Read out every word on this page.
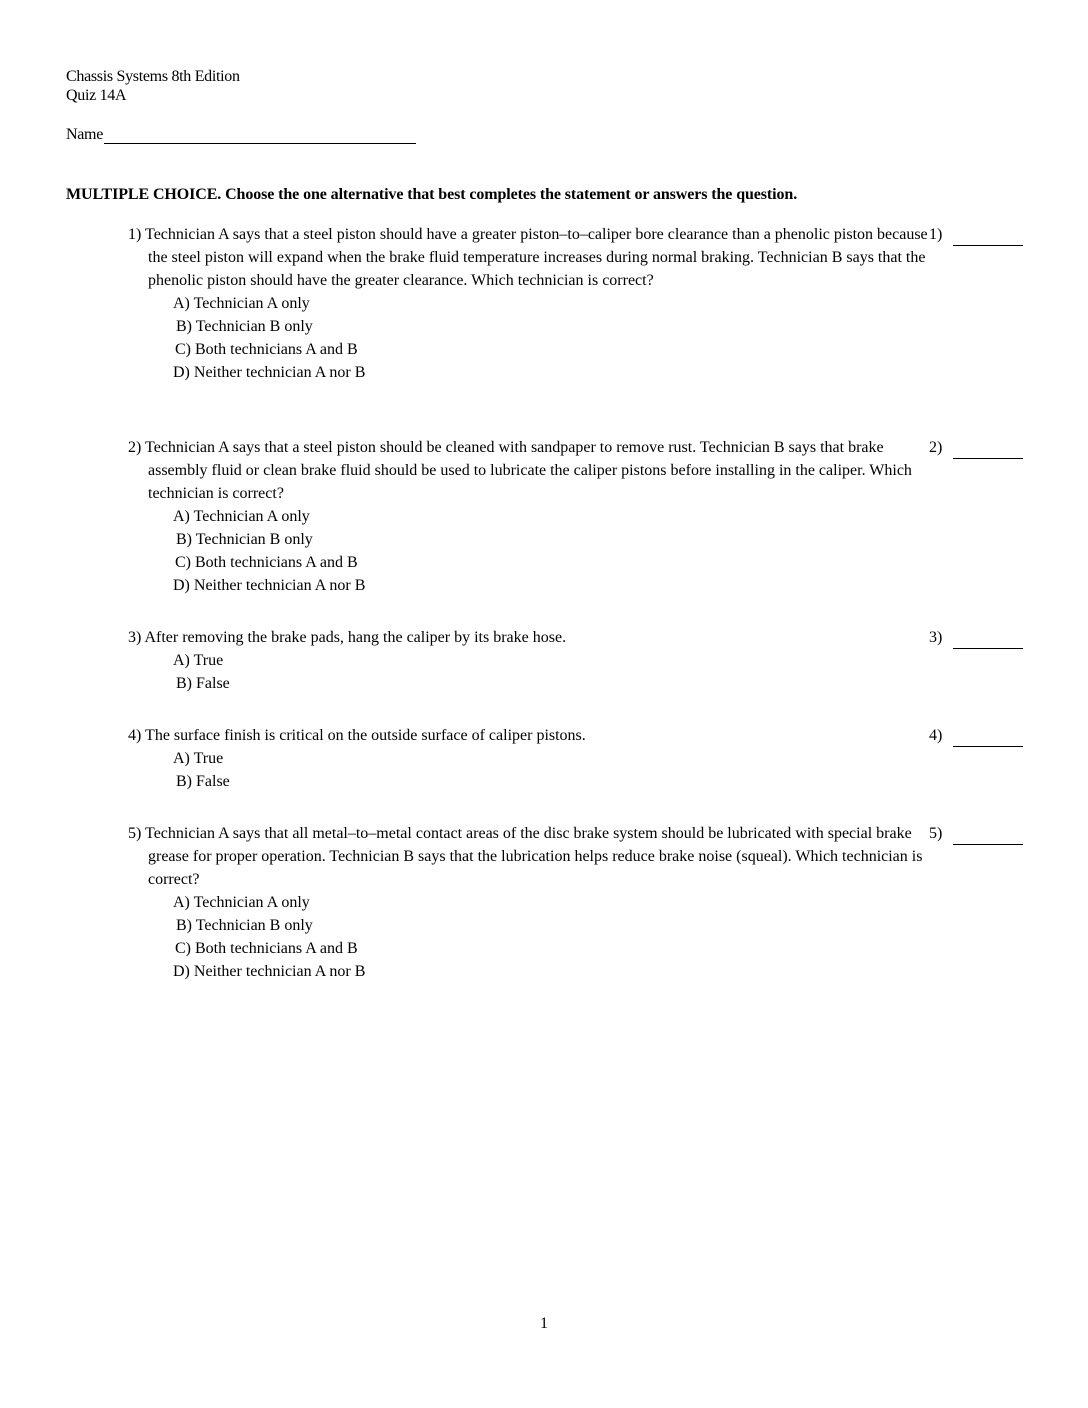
Chassis Systems 8th Edition
Quiz 14A
Name
MULTIPLE CHOICE. Choose the one alternative that best completes the statement or answers the question.
1) Technician A says that a steel piston should have a greater piston–to–caliper bore clearance than a phenolic piston because the steel piston will expand when the brake fluid temperature increases during normal braking. Technician B says that the phenolic piston should have the greater clearance. Which technician is correct?
A) Technician A only
B) Technician B only
C) Both technicians A and B
D) Neither technician A nor B
1)
2) Technician A says that a steel piston should be cleaned with sandpaper to remove rust. Technician B says that brake assembly fluid or clean brake fluid should be used to lubricate the caliper pistons before installing in the caliper. Which technician is correct?
A) Technician A only
B) Technician B only
C) Both technicians A and B
D) Neither technician A nor B
2)
3) After removing the brake pads, hang the caliper by its brake hose.
A) True
B) False
3)
4) The surface finish is critical on the outside surface of caliper pistons.
A) True
B) False
4)
5) Technician A says that all metal–to–metal contact areas of the disc brake system should be lubricated with special brake grease for proper operation. Technician B says that the lubrication helps reduce brake noise (squeal). Which technician is correct?
A) Technician A only
B) Technician B only
C) Both technicians A and B
D) Neither technician A nor B
5)
1
